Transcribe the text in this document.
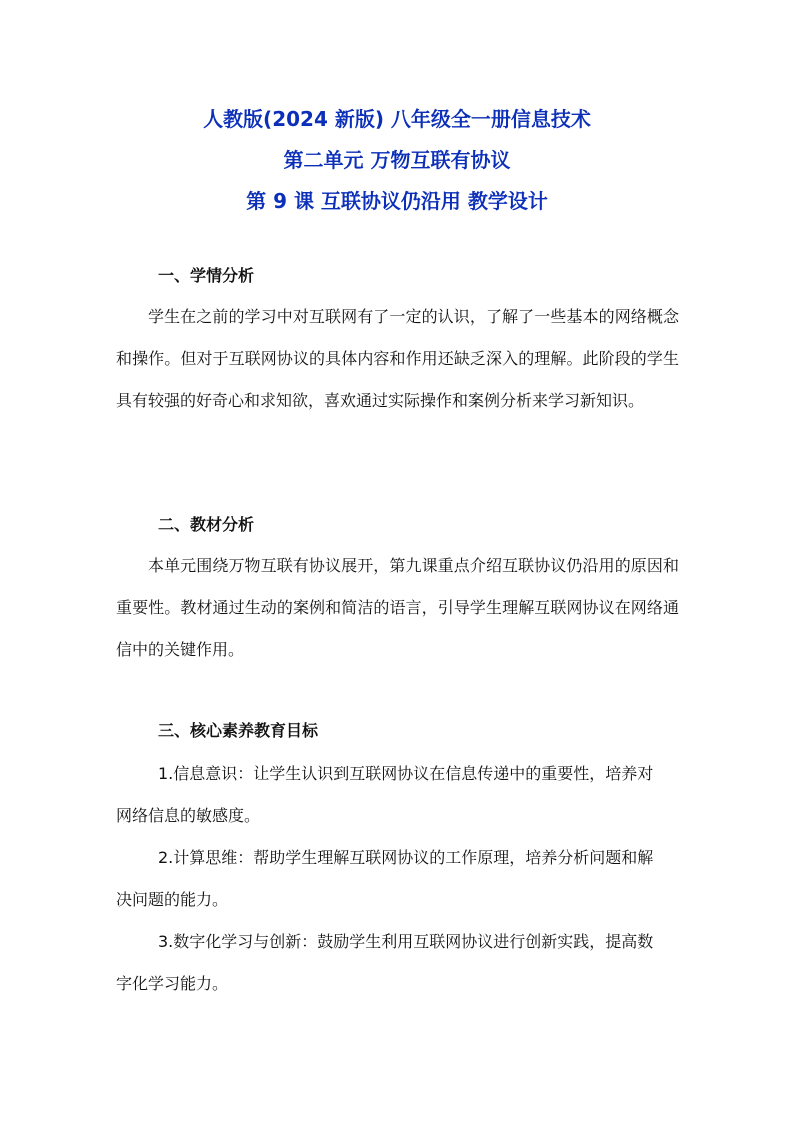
人教版(2024 新版) 八年级全一册信息技术
第二单元 万物互联有协议
第 9 课 互联协议仍沿用 教学设计
一、学情分析
学生在之前的学习中对互联网有了一定的认识，了解了一些基本的网络概念和操作。但对于互联网协议的具体内容和作用还缺乏深入的理解。此阶段的学生具有较强的好奇心和求知欲，喜欢通过实际操作和案例分析来学习新知识。
二、教材分析
本单元围绕万物互联有协议展开，第九课重点介绍互联协议仍沿用的原因和重要性。教材通过生动的案例和简洁的语言，引导学生理解互联网协议在网络通信中的关键作用。
三、核心素养教育目标
1.信息意识：让学生认识到互联网协议在信息传递中的重要性，培养对网络信息的敏感度。
2.计算思维：帮助学生理解互联网协议的工作原理，培养分析问题和解决问题的能力。
3.数字化学习与创新：鼓励学生利用互联网协议进行创新实践，提高数字化学习能力。
